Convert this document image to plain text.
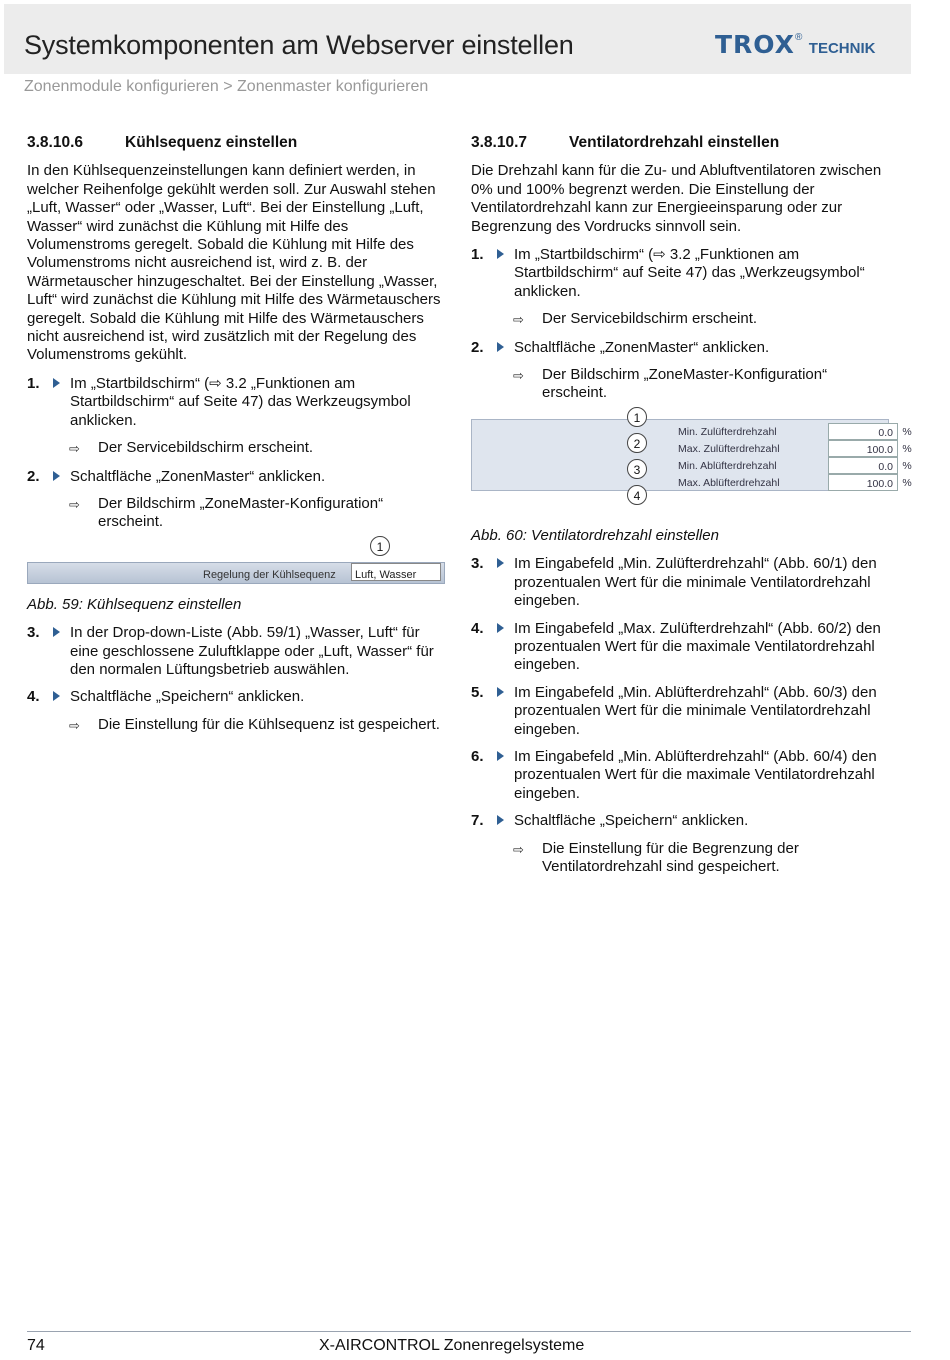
Systemkomponenten am Webserver einstellen	TROX® TECHNIK
Zonenmodule konfigurieren > Zonenmaster konfigurieren
3.8.10.6	Kühlsequenz einstellen

In den Kühlsequenzeinstellungen kann definiert werden, in welcher Reihenfolge gekühlt werden soll. Zur Auswahl stehen „Luft, Wasser“ oder „Wasser, Luft“. Bei der Einstellung „Luft, Wasser“ wird zunächst die Kühlung mit Hilfe des Volumenstroms geregelt. Sobald die Kühlung mit Hilfe des Volumenstroms nicht ausreichend ist, wird z. B. der Wärmetauscher hinzugeschaltet. Bei der Einstellung „Wasser, Luft“ wird zunächst die Kühlung mit Hilfe des Wärmetauschers geregelt. Sobald die Kühlung mit Hilfe des Wärmetauschers nicht ausreichend ist, wird zusätzlich mit der Regelung des Volumenstroms gekühlt.

1. Im „Startbildschirm“ (⇨ 3.2 „Funktionen am Startbildschirm“ auf Seite 47) das Werkzeugsymbol anklicken.
⇨ Der Servicebildschirm erscheint.
2. Schaltfläche „ZonenMaster“ anklicken.
⇨ Der Bildschirm „ZoneMaster-Konfiguration“ erscheint.
Regelung der Kühlsequenz	Luft, Wasser
1

Abb. 59: Kühlsequenz einstellen

3. In der Drop-down-Liste (Abb. 59/1) „Wasser, Luft“ für eine geschlossene Zuluftklappe oder „Luft, Wasser“ für den normalen Lüftungsbetrieb auswählen.
4. Schaltfläche „Speichern“ anklicken.
⇨ Die Einstellung für die Kühlsequenz ist gespeichert.
3.8.10.7	Ventilatordrehzahl einstellen

Die Drehzahl kann für die Zu- und Abluftventilatoren zwischen 0% und 100% begrenzt werden. Die Einstellung der Ventilatordrehzahl kann zur Energieeinsparung oder zur Begrenzung des Vordrucks sinnvoll sein.

1. Im „Startbildschirm“ (⇨ 3.2 „Funktionen am Startbildschirm“ auf Seite 47) das „Werkzeugsymbol“ anklicken.
⇨ Der Servicebildschirm erscheint.
2. Schaltfläche „ZonenMaster“ anklicken.
⇨ Der Bildschirm „ZoneMaster-Konfiguration“ erscheint.
Min. Zulüfterdrehzahl	0.0 %
Max. Zulüfterdrehzahl	100.0 %
Min. Ablüfterdrehzahl	0.0 %
Max. Ablüfterdrehzahl	100.0 %
1
2
3
4

Abb. 60: Ventilatordrehzahl einstellen

3. Im Eingabefeld „Min. Zulüfterdrehzahl“ (Abb. 60/1) den prozentualen Wert für die minimale Ventilatordrehzahl eingeben.
4. Im Eingabefeld „Max. Zulüfterdrehzahl“ (Abb. 60/2) den prozentualen Wert für die maximale Ventilatordrehzahl eingeben.
5. Im Eingabefeld „Min. Ablüfterdrehzahl“ (Abb. 60/3) den prozentualen Wert für die minimale Ventilatordrehzahl eingeben.
6. Im Eingabefeld „Min. Ablüfterdrehzahl“ (Abb. 60/4) den prozentualen Wert für die maximale Ventilatordrehzahl eingeben.
7. Schaltfläche „Speichern“ anklicken.
⇨ Die Einstellung für die Begrenzung der Ventilatordrehzahl sind gespeichert.
74	X-AIRCONTROL Zonenregelsysteme
